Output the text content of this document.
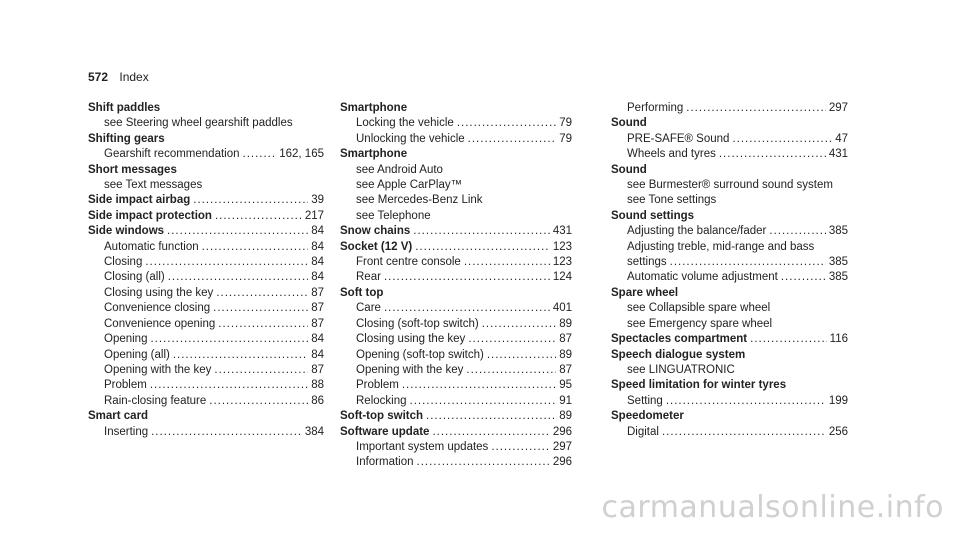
572 Index
Shift paddles
see Steering wheel gearshift paddles
Shifting gears
Gearshift recommendation .....	162, 165
Short messages
see Text messages
Side impact airbag .....	39
Side impact protection .....	217
Side windows .....	84
Automatic function .....	84
Closing .....	84
Closing (all) .....	84
Closing using the key .....	87
Convenience closing .....	87
Convenience opening .....	87
Opening .....	84
Opening (all) .....	84
Opening with the key .....	87
Problem .....	88
Rain-closing feature .....	86
Smart card
Inserting .....	384
Smartphone
Locking the vehicle .....	79
Unlocking the vehicle .....	79
Smartphone
see Android Auto
see Apple CarPlay™
see Mercedes-Benz Link
see Telephone
Snow chains .....	431
Socket (12 V) .....	123
Front centre console .....	123
Rear .....	124
Soft top
Care .....	401
Closing (soft-top switch) .....	89
Closing using the key .....	87
Opening (soft-top switch) .....	89
Opening with the key .....	87
Problem .....	95
Relocking .....	91
Soft-top switch .....	89
Software update .....	296
Important system updates .....	297
Information .....	296
Performing .....	297
Sound
PRE-SAFE® Sound .....	47
Wheels and tyres .....	431
Sound
see Burmester® surround sound system
see Tone settings
Sound settings
Adjusting the balance/fader .....	385
Adjusting treble, mid-range and bass
settings .....	385
Automatic volume adjustment .....	385
Spare wheel
see Collapsible spare wheel
see Emergency spare wheel
Spectacles compartment .....	116
Speech dialogue system
see LINGUATRONIC
Speed limitation for winter tyres
Setting .....	199
Speedometer
Digital .....	256
carmanualsonline.info
